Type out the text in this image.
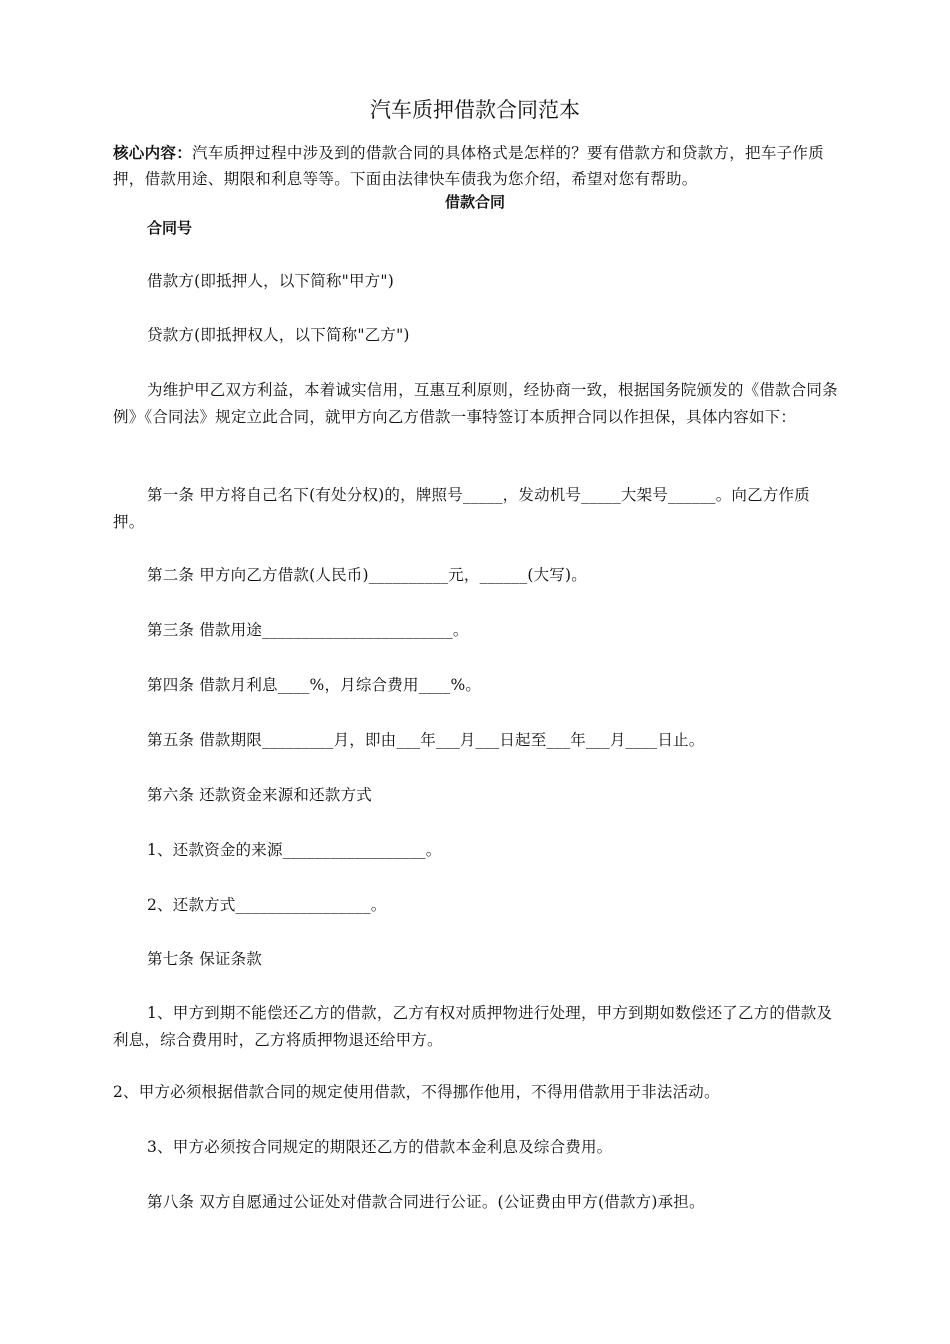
汽车质押借款合同范本
核心内容：汽车质押过程中涉及到的借款合同的具体格式是怎样的？要有借款方和贷款方，把车子作质押，借款用途、期限和利息等等。下面由法律快车债我为您介绍，希望对您有帮助。
借款合同
合同号
借款方(即抵押人，以下简称"甲方")
贷款方(即抵押权人，以下简称"乙方")
为维护甲乙双方利益，本着诚实信用，互惠互利原则，经协商一致，根据国务院颁发的《借款合同条例》《合同法》规定立此合同，就甲方向乙方借款一事特签订本质押合同以作担保，具体内容如下：
第一条 甲方将自己名下(有处分权)的，牌照号_____，发动机号_____大架号______。向乙方作质押。
第二条 甲方向乙方借款(人民币)__________元，______(大写)。
第三条 借款用途________________________。
第四条 借款月利息____%，月综合费用____%。
第五条 借款期限_________月，即由___年___月___日起至___年___月____日止。
第六条 还款资金来源和还款方式
1、还款资金的来源__________________。
2、还款方式_________________。
第七条 保证条款
1、甲方到期不能偿还乙方的借款，乙方有权对质押物进行处理，甲方到期如数偿还了乙方的借款及利息，综合费用时，乙方将质押物退还给甲方。
2、甲方必须根据借款合同的规定使用借款，不得挪作他用，不得用借款用于非法活动。
3、甲方必须按合同规定的期限还乙方的借款本金利息及综合费用。
第八条 双方自愿通过公证处对借款合同进行公证。(公证费由甲方(借款方)承担。
